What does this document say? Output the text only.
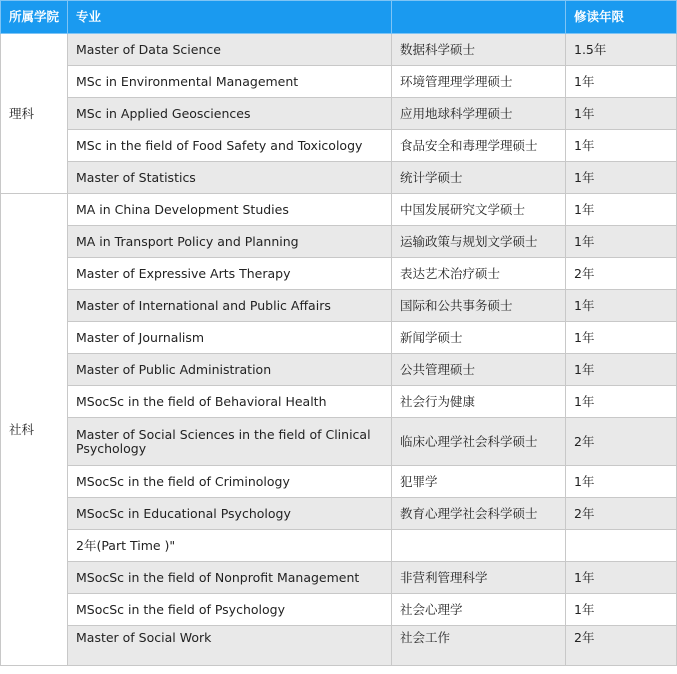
所属学院	专业		修读年限
理科	Master of Data Science	数据科学硕士	1.5年
	MSc in Environmental Management	环境管理理学理硕士	1年
	MSc in Applied Geosciences	应用地球科学理硕士	1年
	MSc in the field of Food Safety and Toxicology	食品安全和毒理学理硕士	1年
	Master of Statistics	统计学硕士	1年
社科	MA in China Development Studies	中国发展研究文学硕士	1年
	MA in Transport Policy and Planning	运输政策与规划文学硕士	1年
	Master of Expressive Arts Therapy	表达艺术治疗硕士	2年
	Master of International and Public Affairs	国际和公共事务硕士	1年
	Master of Journalism	新闻学硕士	1年
	Master of Public Administration	公共管理硕士	1年
	MSocSc in the field of Behavioral Health	社会行为健康	1年
	Master of Social Sciences in the field of Clinical Psychology	临床心理学社会科学硕士	2年
	MSocSc in the field of Criminology	犯罪学	1年
	MSocSc in Educational Psychology	教育心理学社会科学硕士	2年
	2年(Part Time )"		
	MSocSc in the field of Nonprofit Management	非营利管理科学	1年
	MSocSc in the field of Psychology	社会心理学	1年
	Master of Social Work	社会工作	2年
